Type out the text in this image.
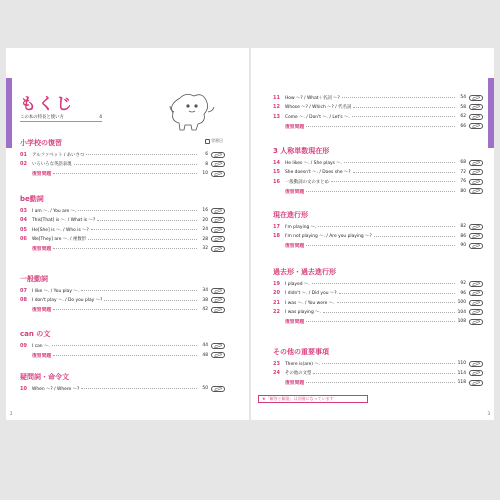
もくじ
この本の特長と使い方	4
学習日
小学校の復習
01	アルファベット / あいさつ	6
02	いろいろな英語表現	8
復習問題	10
be動詞
03	I am ～. / You are ～.	16
04	This[That] is ～. / What is ～?	20
05	He[She] is ～. / Who is ～?	24
06	We[They] are ～. / 複数形	28
復習問題	32
一般動詞
07	I like ～. / You play ～.	34
08	I don't play ～. / Do you play ～?	38
復習問題	42
can の文
09	I can ～.	44
復習問題	48
疑問詞・命令文
10	When ～? / Where ～?	50
2
11	How ～? / What＋名詞 ～?	54
12	Whose ～? / Which ～? / 代名詞	58
13	Come ～. / Don't ～. / Let's ～.	62
復習問題	66
3 人称単数現在形
14	He likes ～. / She plays ～.	68
15	She doesn't ～. / Does she ～?	72
16	一般動詞の文のまとめ	76
復習問題	80
現在進行形
17	I'm playing ～.	82
18	I'm not playing ～. / Are you playing ～?	86
復習問題	90
過去形・過去進行形
19	I played ～.	92
20	I didn't ～. / Did you ～?	96
21	I was ～. / You were ～.	100
22	I was playing ～.	104
復習問題	108
その他の重要事項
23	There is(are) ～.	110
24	その他の文型	114
復習問題	118
3
★「解答と解説」は別冊になっています
